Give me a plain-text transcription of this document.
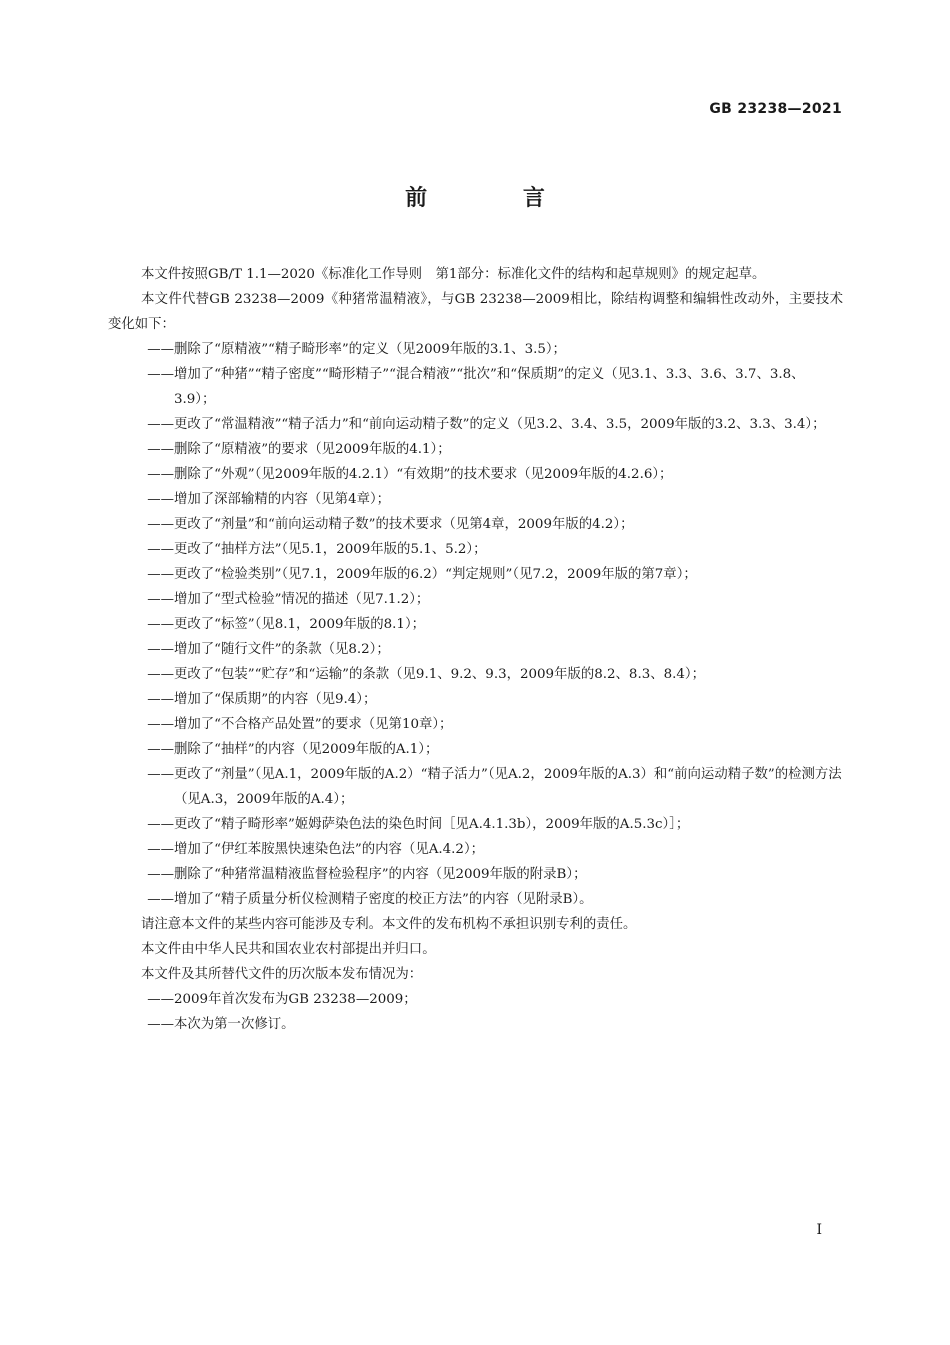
GB 23238—2021
前 言

本文件按照GB/T 1.1—2020《标准化工作导则　第1部分：标准化文件的结构和起草规则》的规定起草。

本文件代替GB 23238—2009《种猪常温精液》，与GB 23238—2009相比，除结构调整和编辑性改动外，主要技术变化如下：

—— 删除了“原精液”“精子畸形率”的定义（见2009年版的3.1、3.5）；
—— 增加了“种猪”“精子密度”“畸形精子”“混合精液”“批次”和“保质期”的定义（见3.1、3.3、3.6、3.7、3.8、3.9）；
—— 更改了“常温精液”“精子活力”和“前向运动精子数”的定义（见3.2、3.4、3.5，2009年版的3.2、3.3、3.4）；
—— 删除了“原精液”的要求（见2009年版的4.1）；
—— 删除了“外观”（见2009年版的4.2.1）“有效期”的技术要求（见2009年版的4.2.6）；
—— 增加了深部输精的内容（见第4章）；
—— 更改了“剂量”和“前向运动精子数”的技术要求（见第4章，2009年版的4.2）；
—— 更改了“抽样方法”（见5.1，2009年版的5.1、5.2）；
—— 更改了“检验类别”（见7.1，2009年版的6.2）“判定规则”（见7.2，2009年版的第7章）；
—— 增加了“型式检验”情况的描述（见7.1.2）；
—— 更改了“标签”（见8.1，2009年版的8.1）；
—— 增加了“随行文件”的条款（见8.2）；
—— 更改了“包装”“贮存”和“运输”的条款（见9.1、9.2、9.3，2009年版的8.2、8.3、8.4）；
—— 增加了“保质期”的内容（见9.4）；
—— 增加了“不合格产品处置”的要求（见第10章）；
—— 删除了“抽样”的内容（见2009年版的A.1）；
—— 更改了“剂量”（见A.1，2009年版的A.2）“精子活力”（见A.2，2009年版的A.3）和“前向运动精子数”的检测方法（见A.3，2009年版的A.4）；
—— 更改了“精子畸形率”姬姆萨染色法的染色时间［见A.4.1.3b），2009年版的A.5.3c）］；
—— 增加了“伊红苯胺黑快速染色法”的内容（见A.4.2）；
—— 删除了“种猪常温精液监督检验程序”的内容（见2009年版的附录B）；
—— 增加了“精子质量分析仪检测精子密度的校正方法”的内容（见附录B）。

请注意本文件的某些内容可能涉及专利。本文件的发布机构不承担识别专利的责任。

本文件由中华人民共和国农业农村部提出并归口。

本文件及其所替代文件的历次版本发布情况为：

—— 2009年首次发布为GB 23238—2009；
—— 本次为第一次修订。
I
